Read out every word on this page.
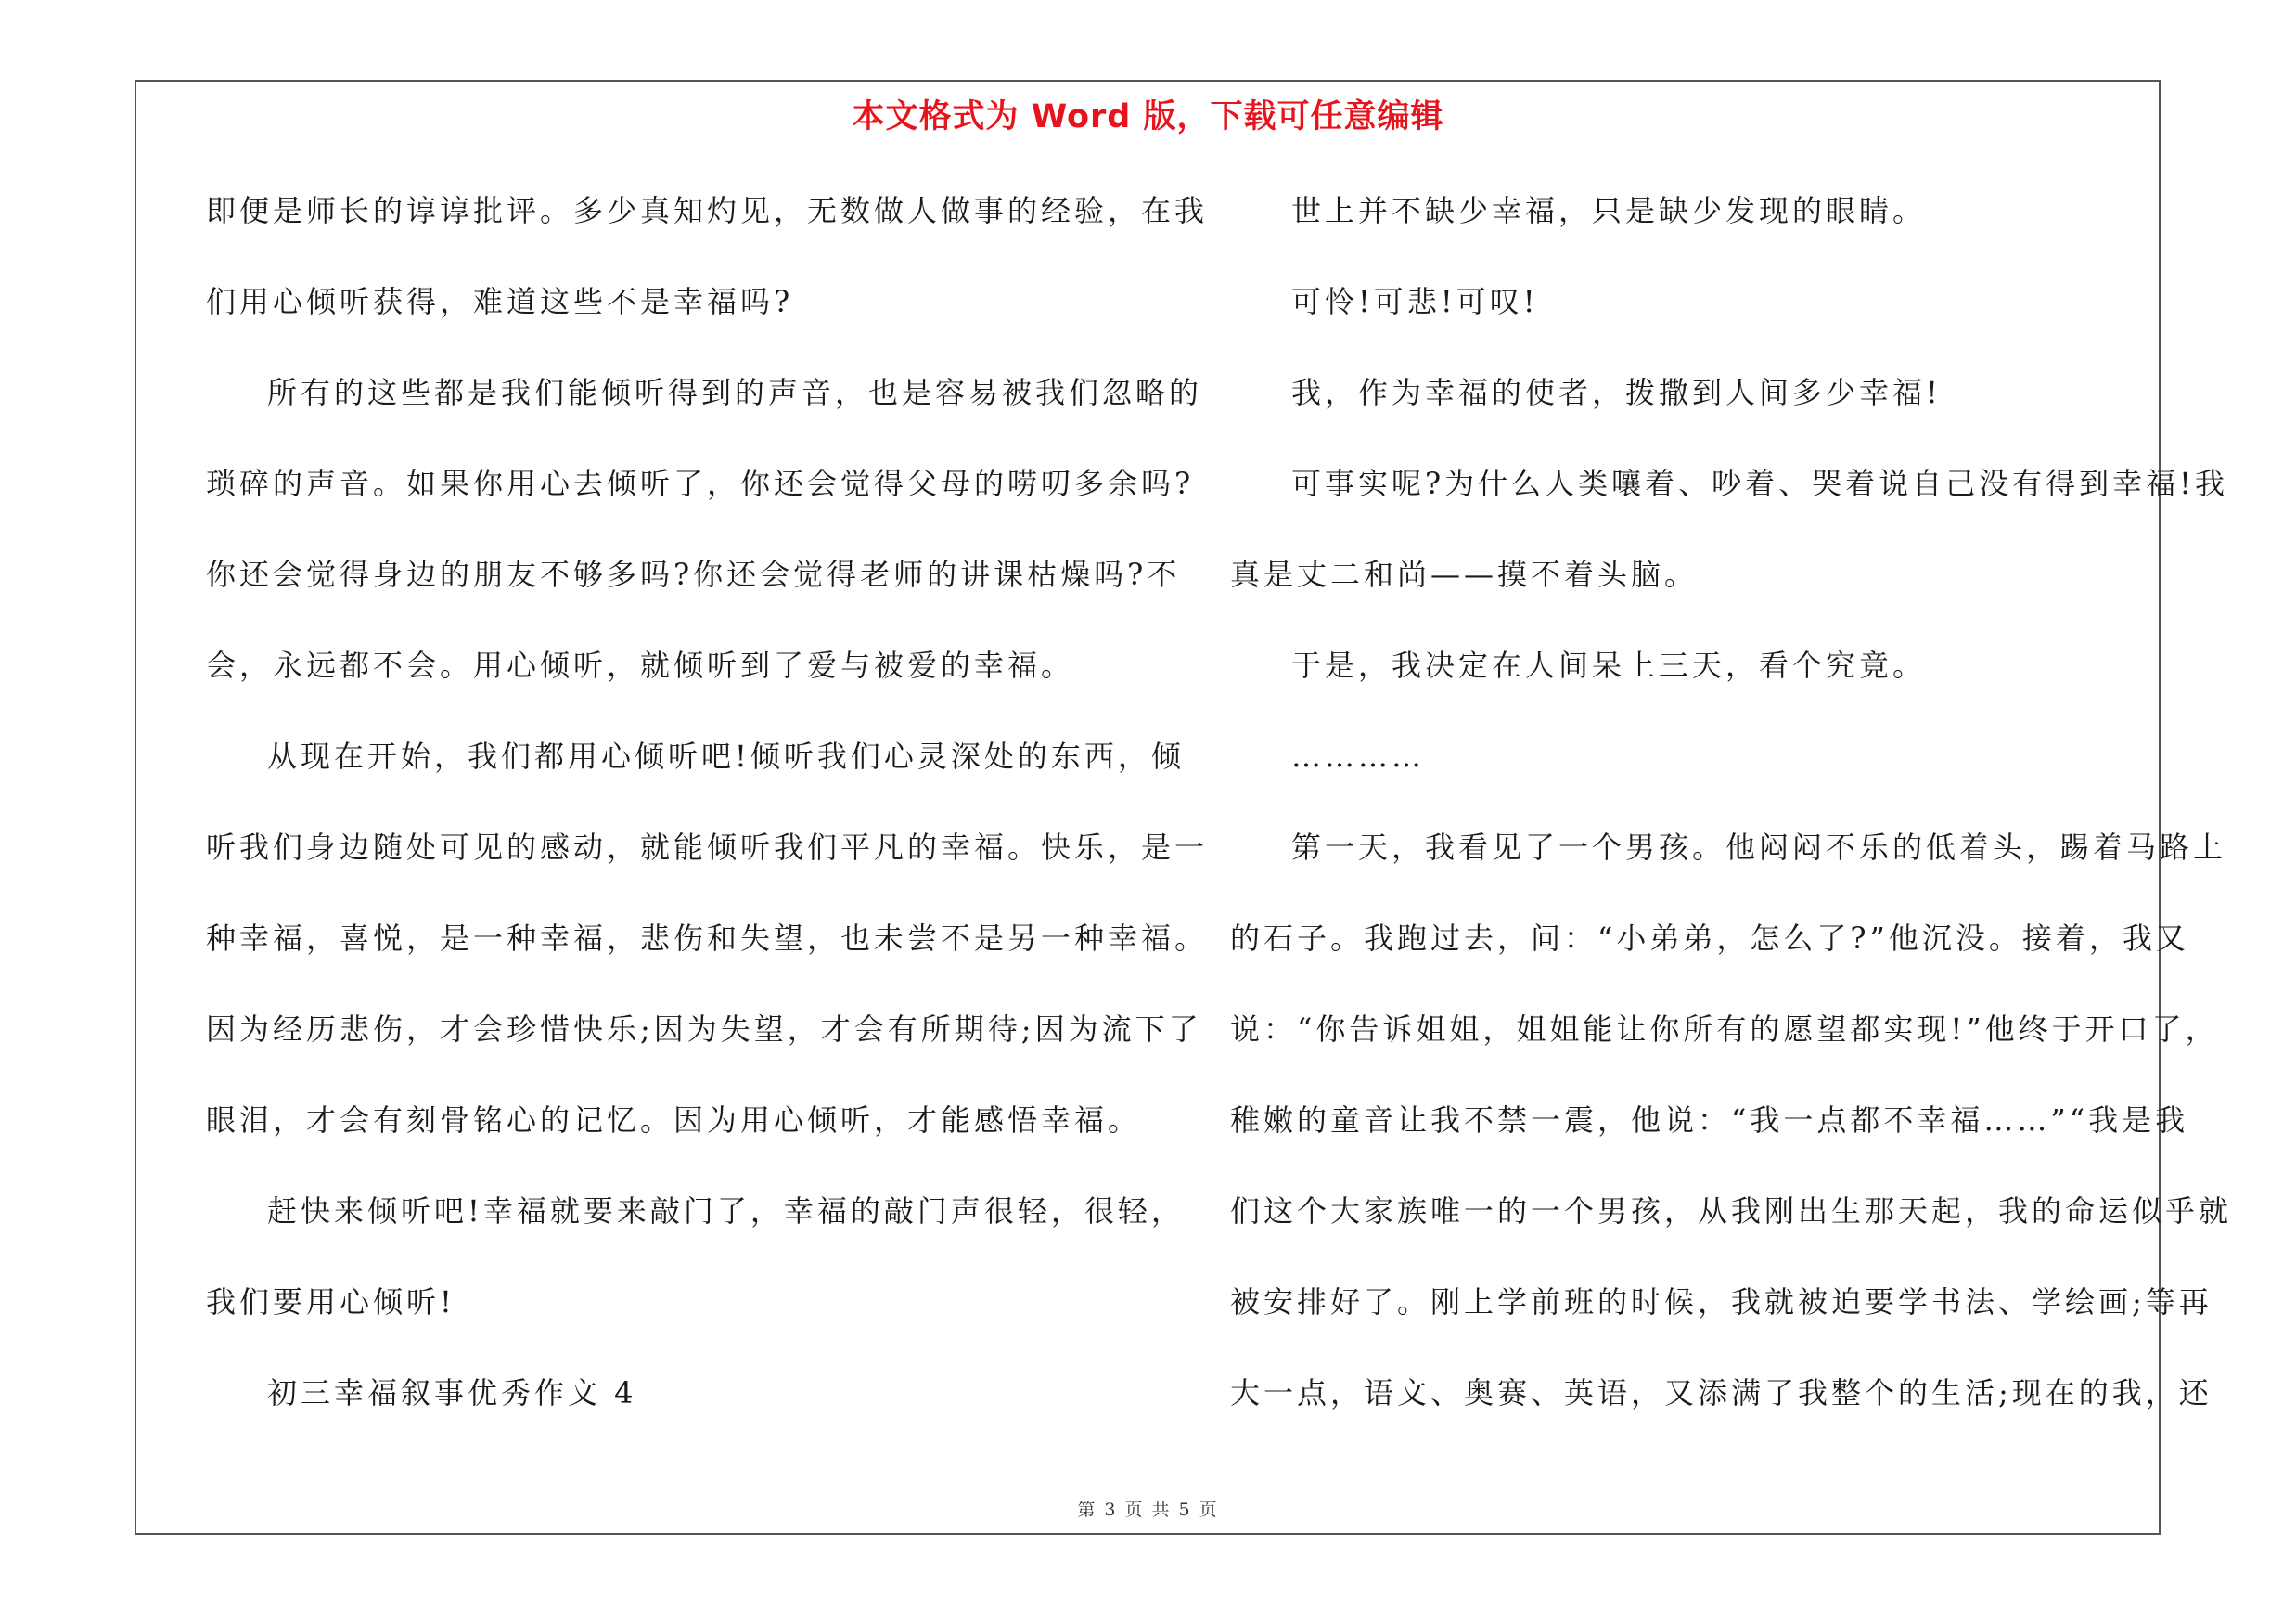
本文格式为 Word 版，下载可任意编辑
即便是师长的谆谆批评。多少真知灼见，无数做人做事的经验，在我
们用心倾听获得，难道这些不是幸福吗?
所有的这些都是我们能倾听得到的声音，也是容易被我们忽略的
琐碎的声音。如果你用心去倾听了，你还会觉得父母的唠叨多余吗?
你还会觉得身边的朋友不够多吗?你还会觉得老师的讲课枯燥吗?不
会，永远都不会。用心倾听，就倾听到了爱与被爱的幸福。
从现在开始，我们都用心倾听吧!倾听我们心灵深处的东西，倾
听我们身边随处可见的感动，就能倾听我们平凡的幸福。快乐，是一
种幸福，喜悦，是一种幸福，悲伤和失望，也未尝不是另一种幸福。
因为经历悲伤，才会珍惜快乐;因为失望，才会有所期待;因为流下了
眼泪，才会有刻骨铭心的记忆。因为用心倾听，才能感悟幸福。
赶快来倾听吧!幸福就要来敲门了，幸福的敲门声很轻，很轻，
我们要用心倾听!
初三幸福叙事优秀作文 4
世上并不缺少幸福，只是缺少发现的眼睛。
可怜!可悲!可叹!
我，作为幸福的使者，拨撒到人间多少幸福!
可事实呢?为什么人类嚷着、吵着、哭着说自己没有得到幸福!我
真是丈二和尚——摸不着头脑。
于是，我决定在人间呆上三天，看个究竟。
…………
第一天，我看见了一个男孩。他闷闷不乐的低着头，踢着马路上
的石子。我跑过去，问：“小弟弟，怎么了?”他沉没。接着，我又
说：“你告诉姐姐，姐姐能让你所有的愿望都实现!”他终于开口了，
稚嫩的童音让我不禁一震，他说：“我一点都不幸福……”“我是我
们这个大家族唯一的一个男孩，从我刚出生那天起，我的命运似乎就
被安排好了。刚上学前班的时候，我就被迫要学书法、学绘画;等再
大一点，语文、奥赛、英语，又添满了我整个的生活;现在的我，还
第 3 页 共 5 页
